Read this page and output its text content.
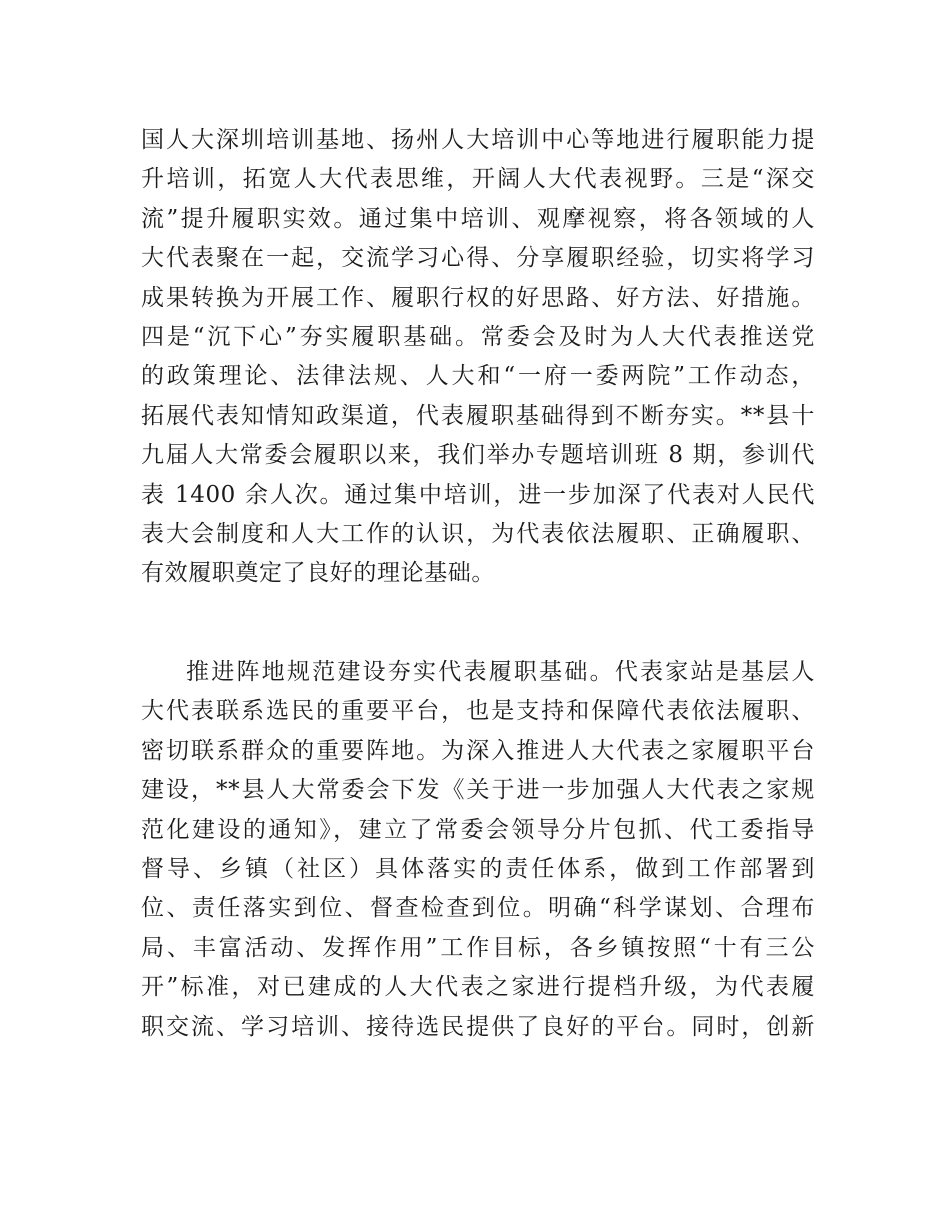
国人大深圳培训基地、扬州人大培训中心等地进行履职能力提
升培训，拓宽人大代表思维，开阔人大代表视野。三是“深交
流”提升履职实效。通过集中培训、观摩视察，将各领域的人
大代表聚在一起，交流学习心得、分享履职经验，切实将学习
成果转换为开展工作、履职行权的好思路、好方法、好措施。
四是“沉下心”夯实履职基础。常委会及时为人大代表推送党
的政策理论、法律法规、人大和“一府一委两院”工作动态，
拓展代表知情知政渠道，代表履职基础得到不断夯实。**县十
九届人大常委会履职以来，我们举办专题培训班 8 期，参训代
表 1400 余人次。通过集中培训，进一步加深了代表对人民代
表大会制度和人大工作的认识，为代表依法履职、正确履职、
有效履职奠定了良好的理论基础。
推进阵地规范建设夯实代表履职基础。代表家站是基层人
大代表联系选民的重要平台，也是支持和保障代表依法履职、
密切联系群众的重要阵地。为深入推进人大代表之家履职平台
建设，**县人大常委会下发《关于进一步加强人大代表之家规
范化建设的通知》，建立了常委会领导分片包抓、代工委指导
督导、乡镇（社区）具体落实的责任体系，做到工作部署到
位、责任落实到位、督查检查到位。明确“科学谋划、合理布
局、丰富活动、发挥作用”工作目标，各乡镇按照“十有三公
开”标准，对已建成的人大代表之家进行提档升级，为代表履
职交流、学习培训、接待选民提供了良好的平台。同时，创新
